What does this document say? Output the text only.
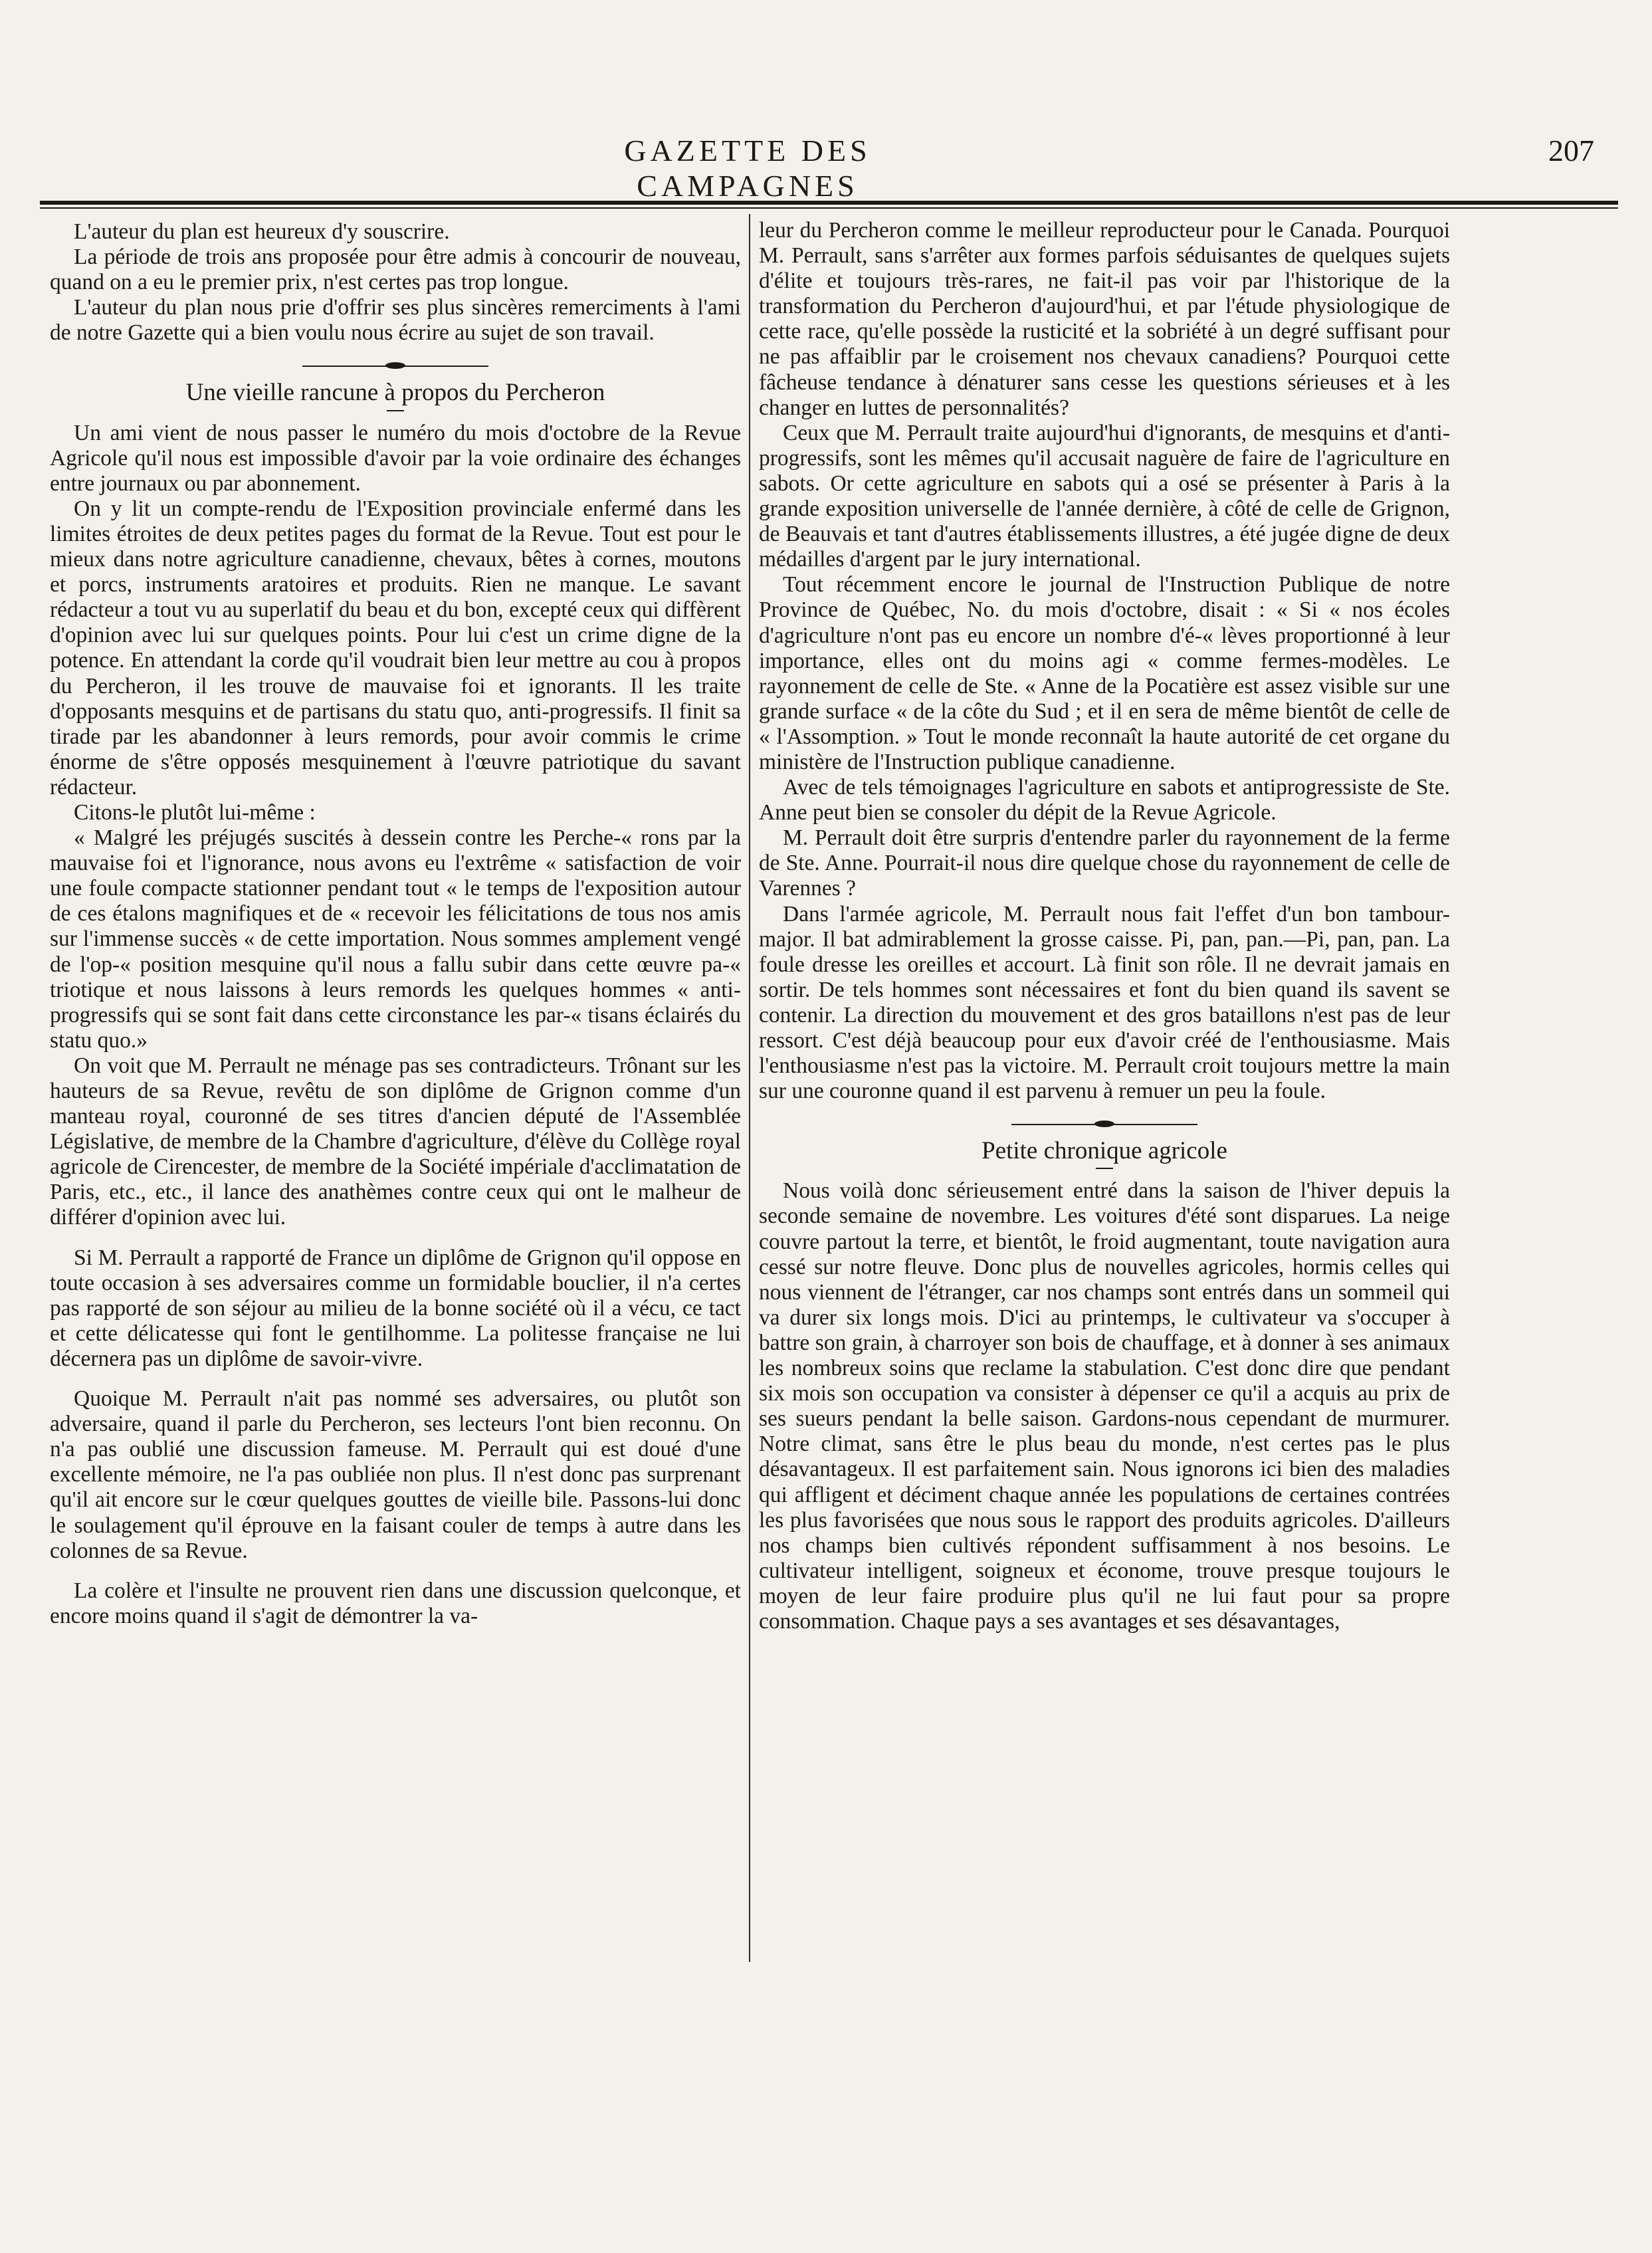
GAZETTE DES CAMPAGNES
207

L'auteur du plan est heureux d'y souscrire.

La période de trois ans proposée pour être admis à concourir de nouveau, quand on a eu le premier prix, n'est certes pas trop longue.

L'auteur du plan nous prie d'offrir ses plus sincères remerciments à l'ami de notre Gazette qui a bien voulu nous écrire au sujet de son travail.

Une vieille rancune à propos du Percheron

Un ami vient de nous passer le numéro du mois d'octobre de la Revue Agricole qu'il nous est impossible d'avoir par la voie ordinaire des échanges entre journaux ou par abonnement.

On y lit un compte-rendu de l'Exposition provinciale enfermé dans les limites étroites de deux petites pages du format de la Revue. Tout est pour le mieux dans notre agriculture canadienne, chevaux, bêtes à cornes, moutons et porcs, instruments aratoires et produits. Rien ne manque. Le savant rédacteur a tout vu au superlatif du beau et du bon, excepté ceux qui diffèrent d'opinion avec lui sur quelques points. Pour lui c'est un crime digne de la potence. En attendant la corde qu'il voudrait bien leur mettre au cou à propos du Percheron, il les trouve de mauvaise foi et ignorants. Il les traite d'opposants mesquins et de partisans du statu quo, anti-progressifs. Il finit sa tirade par les abandonner à leurs remords, pour avoir commis le crime énorme de s'être opposés mesquinement à l'œuvre patriotique du savant rédacteur.

Citons-le plutôt lui-même :

« Malgré les préjugés suscités à dessein contre les Perche-« rons par la mauvaise foi et l'ignorance, nous avons eu l'extrême « satisfaction de voir une foule compacte stationner pendant tout « le temps de l'exposition autour de ces étalons magnifiques et de « recevoir les félicitations de tous nos amis sur l'immense succès « de cette importation. Nous sommes amplement vengé de l'op-« position mesquine qu'il nous a fallu subir dans cette œuvre pa-« triotique et nous laissons à leurs remords les quelques hommes « anti-progressifs qui se sont fait dans cette circonstance les par-« tisans éclairés du statu quo.»

On voit que M. Perrault ne ménage pas ses contradicteurs. Trônant sur les hauteurs de sa Revue, revêtu de son diplôme de Grignon comme d'un manteau royal, couronné de ses titres d'ancien député de l'Assemblée Législative, de membre de la Chambre d'agriculture, d'élève du Collège royal agricole de Cirencester, de membre de la Société impériale d'acclimatation de Paris, etc., etc., il lance des anathèmes contre ceux qui ont le malheur de différer d'opinion avec lui.

Si M. Perrault a rapporté de France un diplôme de Grignon qu'il oppose en toute occasion à ses adversaires comme un formidable bouclier, il n'a certes pas rapporté de son séjour au milieu de la bonne société où il a vécu, ce tact et cette délicatesse qui font le gentilhomme. La politesse française ne lui décernera pas un diplôme de savoir-vivre.

Quoique M. Perrault n'ait pas nommé ses adversaires, ou plutôt son adversaire, quand il parle du Percheron, ses lecteurs l'ont bien reconnu. On n'a pas oublié une discussion fameuse. M. Perrault qui est doué d'une excellente mémoire, ne l'a pas oubliée non plus. Il n'est donc pas surprenant qu'il ait encore sur le cœur quelques gouttes de vieille bile. Passons-lui donc le soulagement qu'il éprouve en la faisant couler de temps à autre dans les colonnes de sa Revue.

La colère et l'insulte ne prouvent rien dans une discussion quelconque, et encore moins quand il s'agit de démontrer la va-

leur du Percheron comme le meilleur reproducteur pour le Canada. Pourquoi M. Perrault, sans s'arrêter aux formes parfois séduisantes de quelques sujets d'élite et toujours très-rares, ne fait-il pas voir par l'historique de la transformation du Percheron d'aujourd'hui, et par l'étude physiologique de cette race, qu'elle possède la rusticité et la sobriété à un degré suffisant pour ne pas affaiblir par le croisement nos chevaux canadiens? Pourquoi cette fâcheuse tendance à dénaturer sans cesse les questions sérieuses et à les changer en luttes de personnalités?

Ceux que M. Perrault traite aujourd'hui d'ignorants, de mesquins et d'anti-progressifs, sont les mêmes qu'il accusait naguère de faire de l'agriculture en sabots. Or cette agriculture en sabots qui a osé se présenter à Paris à la grande exposition universelle de l'année dernière, à côté de celle de Grignon, de Beauvais et tant d'autres établissements illustres, a été jugée digne de deux médailles d'argent par le jury international.

Tout récemment encore le journal de l'Instruction Publique de notre Province de Québec, No. du mois d'octobre, disait : « Si « nos écoles d'agriculture n'ont pas eu encore un nombre d'é-« lèves proportionné à leur importance, elles ont du moins agi « comme fermes-modèles. Le rayonnement de celle de Ste. « Anne de la Pocatière est assez visible sur une grande surface « de la côte du Sud ; et il en sera de même bientôt de celle de « l'Assomption. » Tout le monde reconnaît la haute autorité de cet organe du ministère de l'Instruction publique canadienne.

Avec de tels témoignages l'agriculture en sabots et antiprogressiste de Ste. Anne peut bien se consoler du dépit de la Revue Agricole.

M. Perrault doit être surpris d'entendre parler du rayonnement de la ferme de Ste. Anne. Pourrait-il nous dire quelque chose du rayonnement de celle de Varennes ?

Dans l'armée agricole, M. Perrault nous fait l'effet d'un bon tambour-major. Il bat admirablement la grosse caisse. Pi, pan, pan.—Pi, pan, pan. La foule dresse les oreilles et accourt. Là finit son rôle. Il ne devrait jamais en sortir. De tels hommes sont nécessaires et font du bien quand ils savent se contenir. La direction du mouvement et des gros bataillons n'est pas de leur ressort. C'est déjà beaucoup pour eux d'avoir créé de l'enthousiasme. Mais l'enthousiasme n'est pas la victoire. M. Perrault croit toujours mettre la main sur une couronne quand il est parvenu à remuer un peu la foule.

Petite chronique agricole

Nous voilà donc sérieusement entré dans la saison de l'hiver depuis la seconde semaine de novembre. Les voitures d'été sont disparues. La neige couvre partout la terre, et bientôt, le froid augmentant, toute navigation aura cessé sur notre fleuve. Donc plus de nouvelles agricoles, hormis celles qui nous viennent de l'étranger, car nos champs sont entrés dans un sommeil qui va durer six longs mois. D'ici au printemps, le cultivateur va s'occuper à battre son grain, à charroyer son bois de chauffage, et à donner à ses animaux les nombreux soins que reclame la stabulation. C'est donc dire que pendant six mois son occupation va consister à dépenser ce qu'il a acquis au prix de ses sueurs pendant la belle saison. Gardons-nous cependant de murmurer. Notre climat, sans être le plus beau du monde, n'est certes pas le plus désavantageux. Il est parfaitement sain. Nous ignorons ici bien des maladies qui affligent et déciment chaque année les populations de certaines contrées les plus favorisées que nous sous le rapport des produits agricoles. D'ailleurs nos champs bien cultivés répondent suffisamment à nos besoins. Le cultivateur intelligent, soigneux et économe, trouve presque toujours le moyen de leur faire produire plus qu'il ne lui faut pour sa propre consommation. Chaque pays a ses avantages et ses désavantages,
